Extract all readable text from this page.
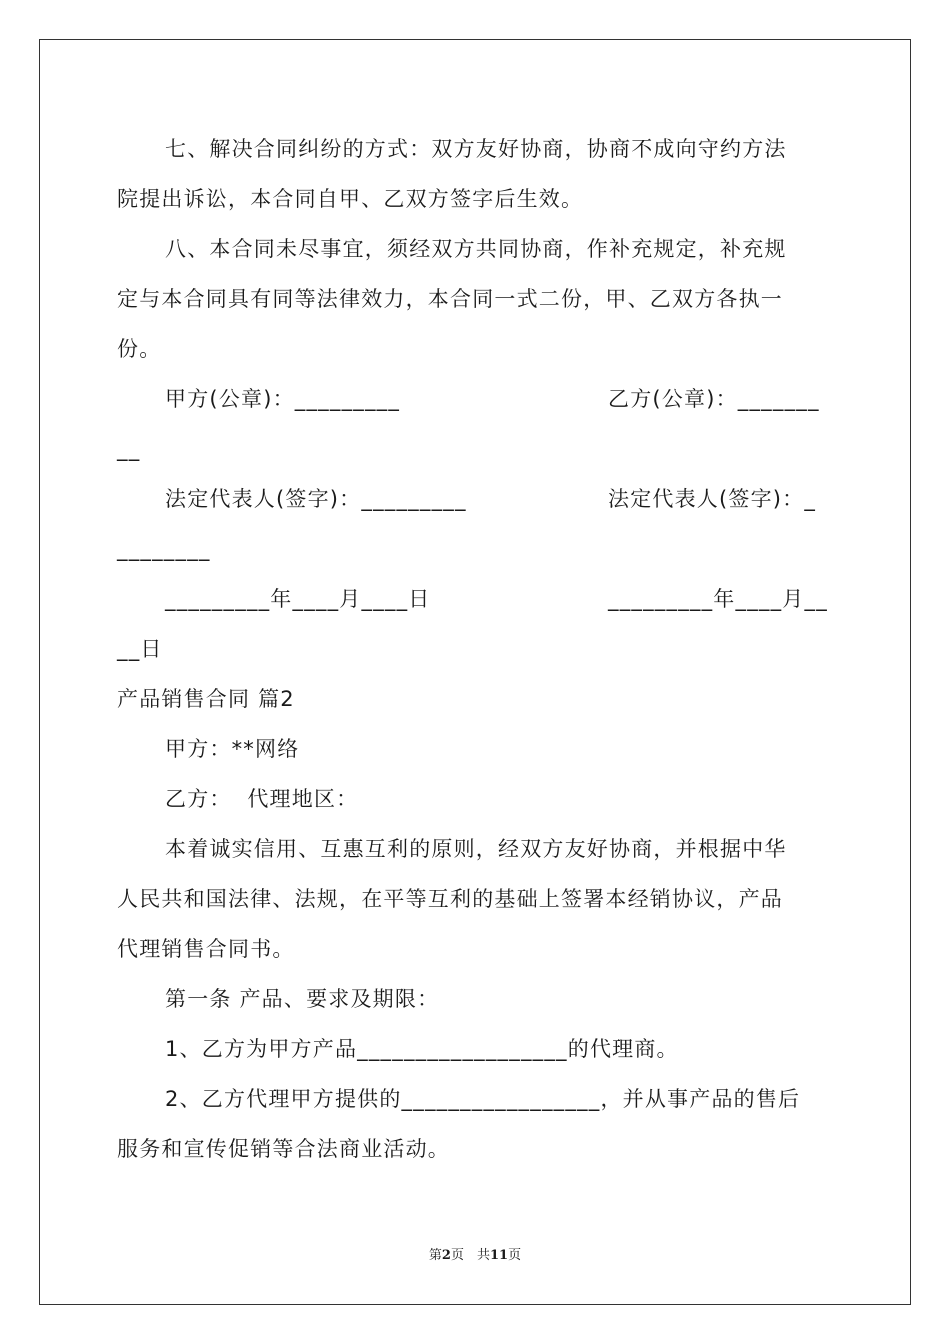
七、解决合同纠纷的方式：双方友好协商，协商不成向守约方法

院提出诉讼，本合同自甲、乙双方签字后生效。

八、本合同未尽事宜，须经双方共同协商，作补充规定，补充规

定与本合同具有同等法律效力，本合同一式二份，甲、乙双方各执一

份。

甲方(公章)：_________

	乙方(公章)：_______

__

法定代表人(签字)：_________

	法定代表人(签字)：_

________

_________年____月____日

	_________年____月__

__日

产品销售合同 篇2

甲方：**网络

乙方：  代理地区：

本着诚实信用、互惠互利的原则，经双方友好协商，并根据中华

人民共和国法律、法规，在平等互利的基础上签署本经销协议，产品

代理销售合同书。

第一条 产品、要求及期限：

1、乙方为甲方产品__________________的代理商。

2、乙方代理甲方提供的_________________，并从事产品的售后

服务和宣传促销等合法商业活动。

第2页　共11页
